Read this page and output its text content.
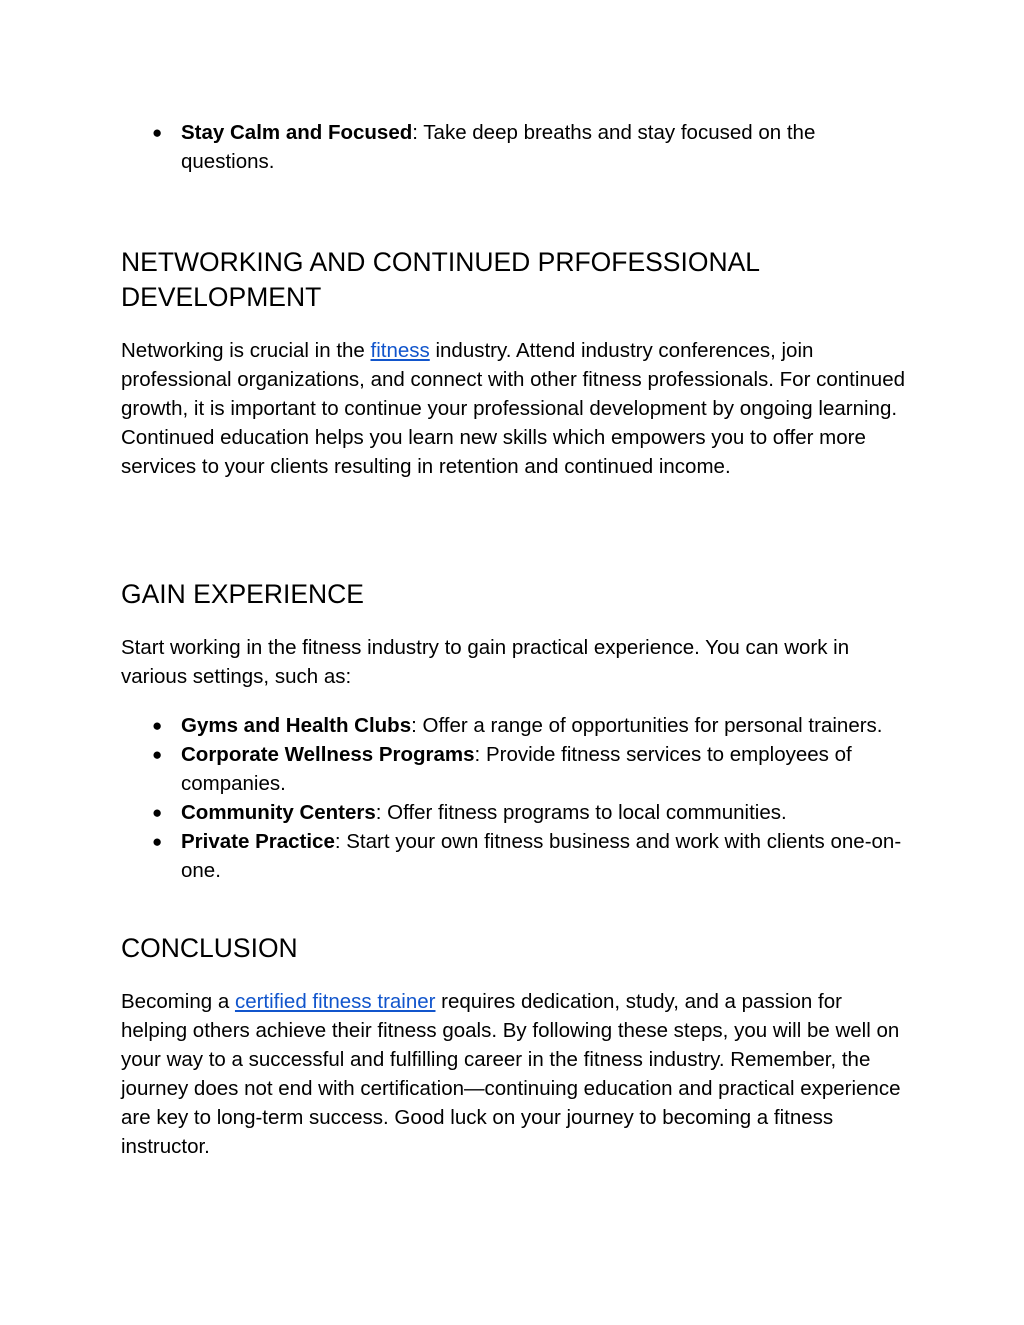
● Stay Calm and Focused: Take deep breaths and stay focused on the questions.
NETWORKING AND CONTINUED PRFOFESSIONAL DEVELOPMENT

Networking is crucial in the fitness industry. Attend industry conferences, join professional organizations, and connect with other fitness professionals. For continued growth, it is important to continue your professional development by ongoing learning. Continued education helps you learn new skills which empowers you to offer more services to your clients resulting in retention and continued income.

GAIN EXPERIENCE

Start working in the fitness industry to gain practical experience. You can work in various settings, such as:

● Gyms and Health Clubs: Offer a range of opportunities for personal trainers.
● Corporate Wellness Programs: Provide fitness services to employees of companies.
● Community Centers: Offer fitness programs to local communities.
● Private Practice: Start your own fitness business and work with clients one-on-one.
CONCLUSION

Becoming a certified fitness trainer requires dedication, study, and a passion for helping others achieve their fitness goals. By following these steps, you will be well on your way to a successful and fulfilling career in the fitness industry. Remember, the journey does not end with certification—continuing education and practical experience are key to long-term success. Good luck on your journey to becoming a fitness instructor.
